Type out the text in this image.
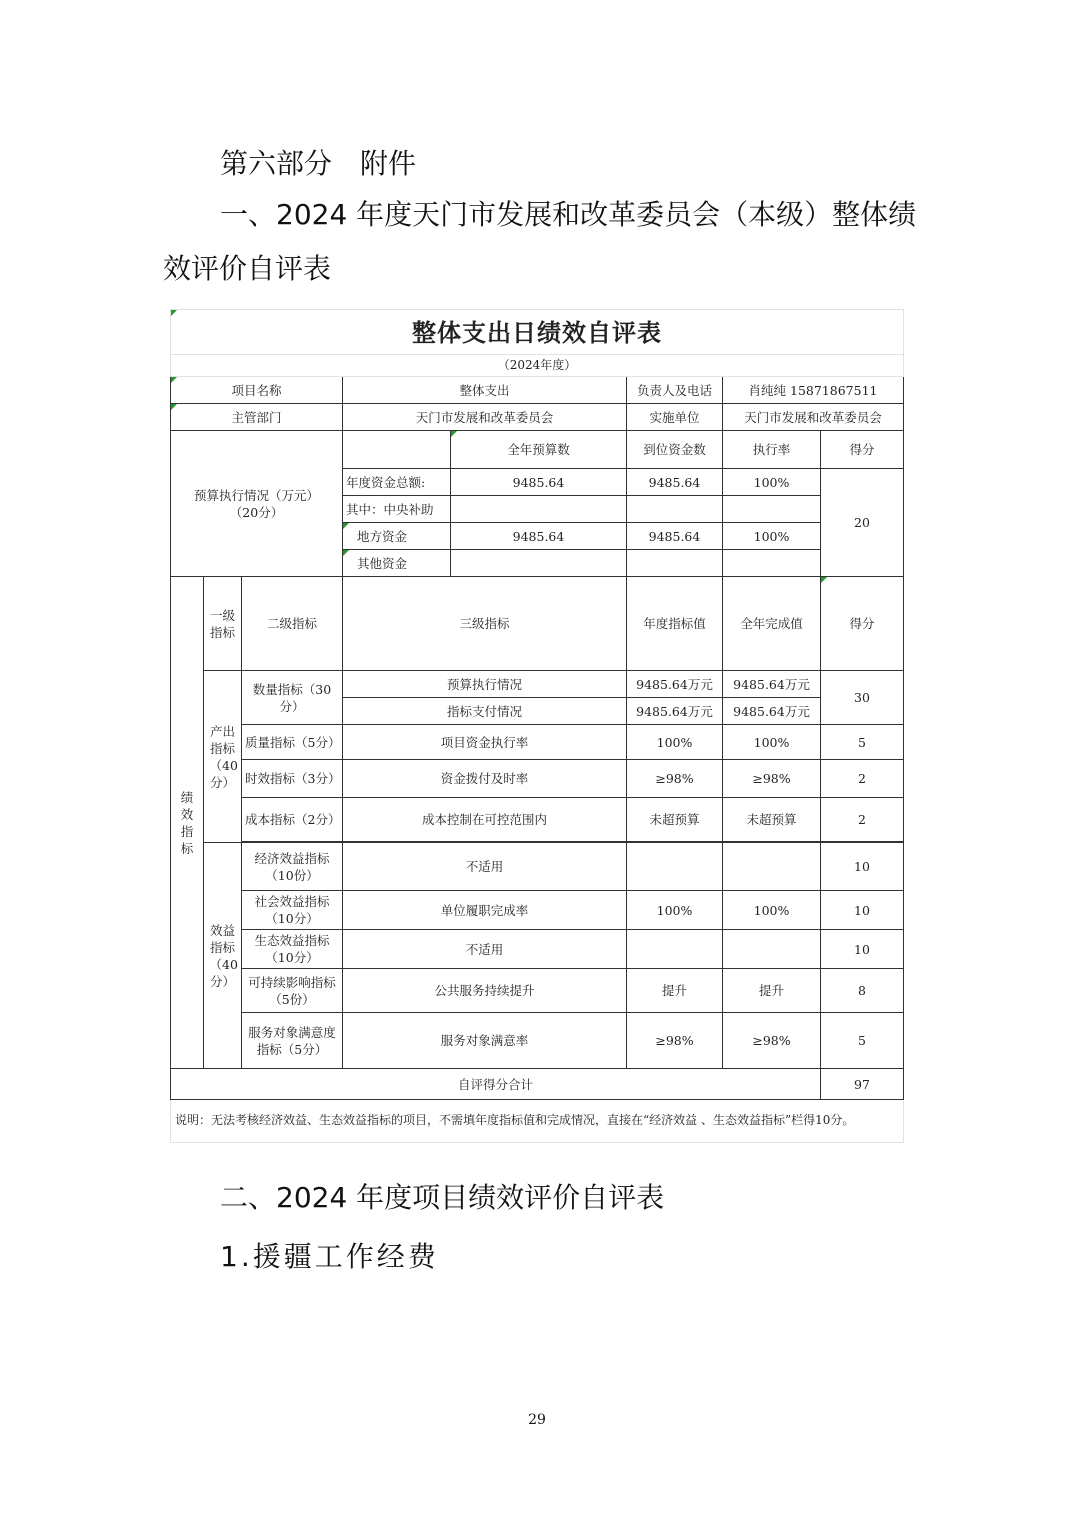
第六部分　附件
一、2024 年度天门市发展和改革委员会（本级）整体绩
效评价自评表
整体支出日绩效自评表							
（2024年度）							
项目名称			整体支出		负责人及电话	肖纯纯 15871867511	
主管部门			天门市发展和改革委员会		实施单位	天门市发展和改革委员会	

预算执行情况（万元）
（20分）				全年预算数	到位资金数	执行率	得分
			年度资金总额:	9485.64	9485.64	100%	20
			其中：中央补助				
			地方资金	9485.64	9485.64	100%	
			其他资金				

绩效指标	一级指标	二级指标	三级指标		年度指标值	全年完成值	得分

	产出指标（40分）	数量指标（30分）	预算执行情况		9485.64万元	9485.64万元	30
			指标支付情况		9485.64万元	9485.64万元	
		质量指标（5分）	项目资金执行率		100%	100%	5
		时效指标（3分）	资金拨付及时率		≥98%	≥98%	2
		成本指标（2分）	成本控制在可控范围内		未超预算	未超预算	2

	效益指标（40分）	经济效益指标（10份）	不适用				10
		社会效益指标（10分）	单位履职完成率		100%	100%	10
		生态效益指标（10分）	不适用				10
		可持续影响指标（5份）	公共服务持续提升		提升	提升	8
		服务对象满意度指标（5分）	服务对象满意率		≥98%	≥98%	5
自评得分合计							97
说明：无法考核经济效益、生态效益指标的项目，不需填年度指标值和完成情况，直接在“经济效益 、生态效益指标”栏得10分。							
二、2024 年度项目绩效评价自评表
1.援疆工作经费
29
